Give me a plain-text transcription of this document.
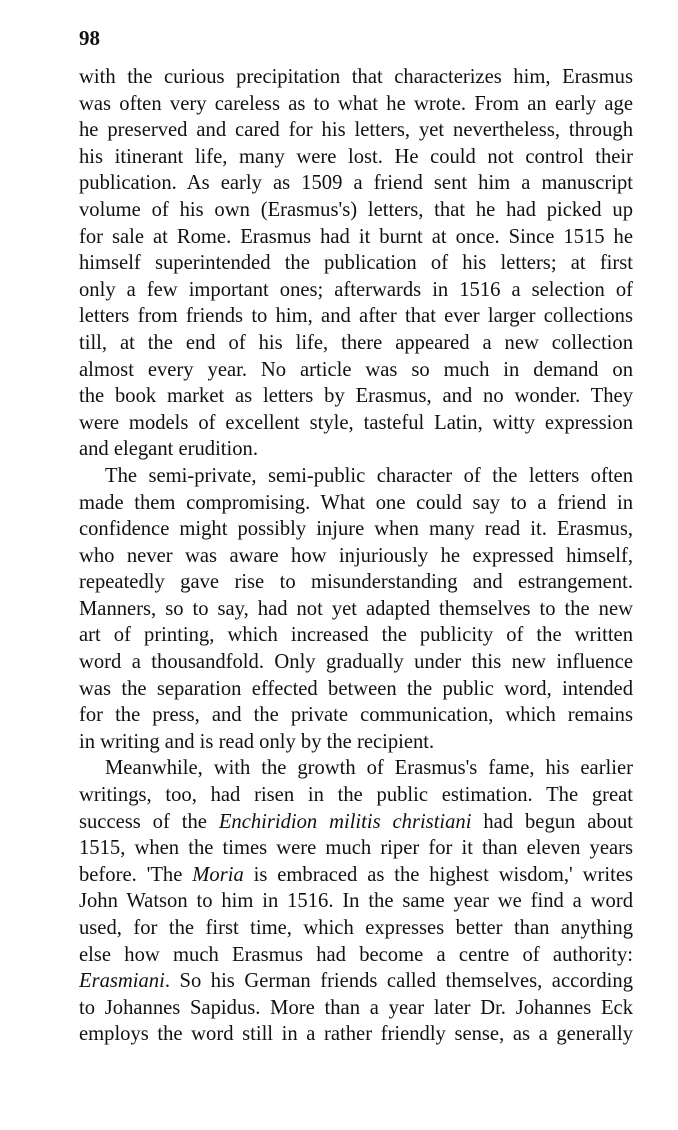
98
with the curious precipitation that characterizes him, Erasmus
was often very careless as to what he wrote. From an early age
he preserved and cared for his letters, yet nevertheless, through
his itinerant life, many were lost. He could not control their
publication. As early as 1509 a friend sent him a manuscript
volume of his own (Erasmus's) letters, that he had picked up
for sale at Rome. Erasmus had it burnt at once. Since 1515 he
himself superintended the publication of his letters; at first
only a few important ones; afterwards in 1516 a selection of
letters from friends to him, and after that ever larger collections
till, at the end of his life, there appeared a new collection
almost every year. No article was so much in demand on
the book market as letters by Erasmus, and no wonder. They
were models of excellent style, tasteful Latin, witty expression
and elegant erudition.
The semi-private, semi-public character of the letters often
made them compromising. What one could say to a friend in
confidence might possibly injure when many read it. Erasmus,
who never was aware how injuriously he expressed himself,
repeatedly gave rise to misunderstanding and estrangement.
Manners, so to say, had not yet adapted themselves to the new
art of printing, which increased the publicity of the written
word a thousandfold. Only gradually under this new influence
was the separation effected between the public word, intended
for the press, and the private communication, which remains
in writing and is read only by the recipient.
Meanwhile, with the growth of Erasmus's fame, his earlier
writings, too, had risen in the public estimation. The great
success of the Enchiridion militis christiani had begun about
1515, when the times were much riper for it than eleven years
before. 'The Moria is embraced as the highest wisdom,' writes
John Watson to him in 1516. In the same year we find a word
used, for the first time, which expresses better than anything
else how much Erasmus had become a centre of authority:
Erasmiani. So his German friends called themselves, according
to Johannes Sapidus. More than a year later Dr. Johannes Eck
employs the word still in a rather friendly sense, as a generally
